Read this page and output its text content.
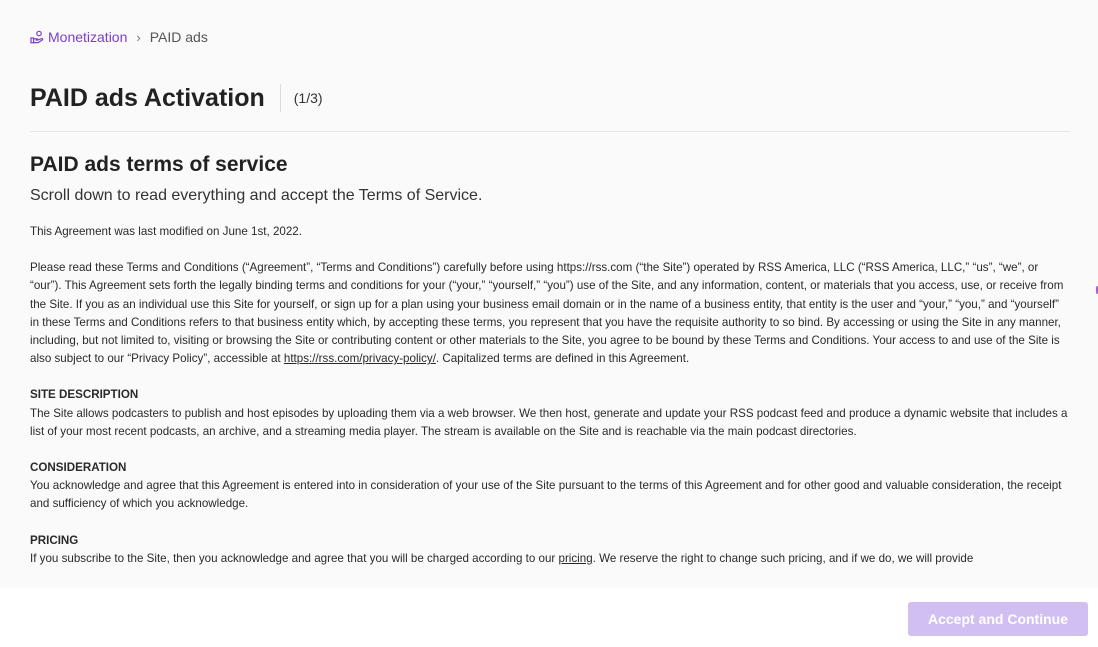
Monetization › PAID ads
PAID ads Activation (1/3)
PAID ads terms of service
Scroll down to read everything and accept the Terms of Service.

This Agreement was last modified on June 1st, 2022.

Please read these Terms and Conditions (“Agreement”, “Terms and Conditions”) carefully before using https://rss.com (“the Site”) operated by RSS America, LLC (“RSS America, LLC,” “us”, “we”, or “our”). This Agreement sets forth the legally binding terms and conditions for your (“your,” “yourself,” “you”) use of the Site, and any information, content, or materials that you access, use, or receive from the Site. If you as an individual use this Site for yourself, or sign up for a plan using your business email domain or in the name of a business entity, that entity is the user and “your,” “you,” and “yourself” in these Terms and Conditions refers to that business entity which, by accepting these terms, you represent that you have the requisite authority to so bind. By accessing or using the Site in any manner, including, but not limited to, visiting or browsing the Site or contributing content or other materials to the Site, you agree to be bound by these Terms and Conditions. Your access to and use of the Site is also subject to our “Privacy Policy”, accessible at https://rss.com/privacy-policy/. Capitalized terms are defined in this Agreement.

SITE DESCRIPTION
The Site allows podcasters to publish and host episodes by uploading them via a web browser. We then host, generate and update your RSS podcast feed and produce a dynamic website that includes a list of your most recent podcasts, an archive, and a streaming media player. The stream is available on the Site and is reachable via the main podcast directories.

CONSIDERATION
You acknowledge and agree that this Agreement is entered into in consideration of your use of the Site pursuant to the terms of this Agreement and for other good and valuable consideration, the receipt and sufficiency of which you acknowledge.

PRICING
If you subscribe to the Site, then you acknowledge and agree that you will be charged according to our pricing. We reserve the right to change such pricing, and if we do, we will provide

Accept and Continue
